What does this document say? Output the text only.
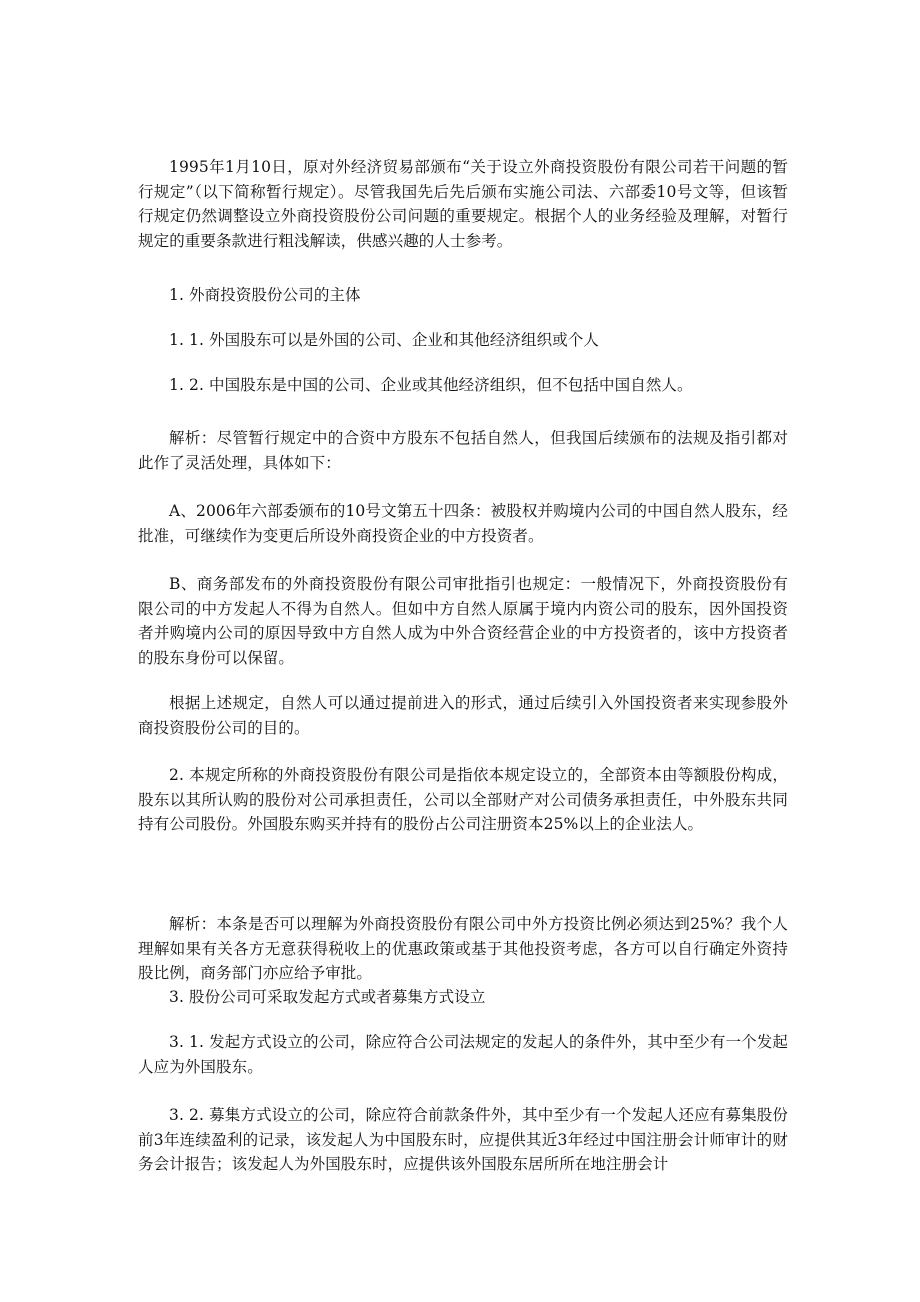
1995年1月10日，原对外经济贸易部颁布“关于设立外商投资股份有限公司若干问题的暂行规定”（以下简称暂行规定）。尽管我国先后先后颁布实施公司法、六部委10号文等，但该暂行规定仍然调整设立外商投资股份公司问题的重要规定。根据个人的业务经验及理解，对暂行规定的重要条款进行粗浅解读，供感兴趣的人士参考。

1. 外商投资股份公司的主体

1. 1. 外国股东可以是外国的公司、企业和其他经济组织或个人

1. 2. 中国股东是中国的公司、企业或其他经济组织，但不包括中国自然人。

解析：尽管暂行规定中的合资中方股东不包括自然人，但我国后续颁布的法规及指引都对此作了灵活处理，具体如下：

A、2006年六部委颁布的10号文第五十四条：被股权并购境内公司的中国自然人股东，经批准，可继续作为变更后所设外商投资企业的中方投资者。

B、商务部发布的外商投资股份有限公司审批指引也规定：一般情况下，外商投资股份有限公司的中方发起人不得为自然人。但如中方自然人原属于境内内资公司的股东，因外国投资者并购境内公司的原因导致中方自然人成为中外合资经营企业的中方投资者的，该中方投资者的股东身份可以保留。

根据上述规定，自然人可以通过提前进入的形式，通过后续引入外国投资者来实现参股外商投资股份公司的目的。

2. 本规定所称的外商投资股份有限公司是指依本规定设立的，全部资本由等额股份构成，股东以其所认购的股份对公司承担责任，公司以全部财产对公司债务承担责任，中外股东共同持有公司股份。外国股东购买并持有的股份占公司注册资本25%以上的企业法人。

解析：本条是否可以理解为外商投资股份有限公司中外方投资比例必须达到25%？我个人理解如果有关各方无意获得税收上的优惠政策或基于其他投资考虑，各方可以自行确定外资持股比例，商务部门亦应给予审批。

3. 股份公司可采取发起方式或者募集方式设立

3. 1. 发起方式设立的公司，除应符合公司法规定的发起人的条件外，其中至少有一个发起人应为外国股东。

3. 2. 募集方式设立的公司，除应符合前款条件外，其中至少有一个发起人还应有募集股份前3年连续盈利的记录，该发起人为中国股东时，应提供其近3年经过中国注册会计师审计的财务会计报告；该发起人为外国股东时，应提供该外国股东居所所在地注册会计
